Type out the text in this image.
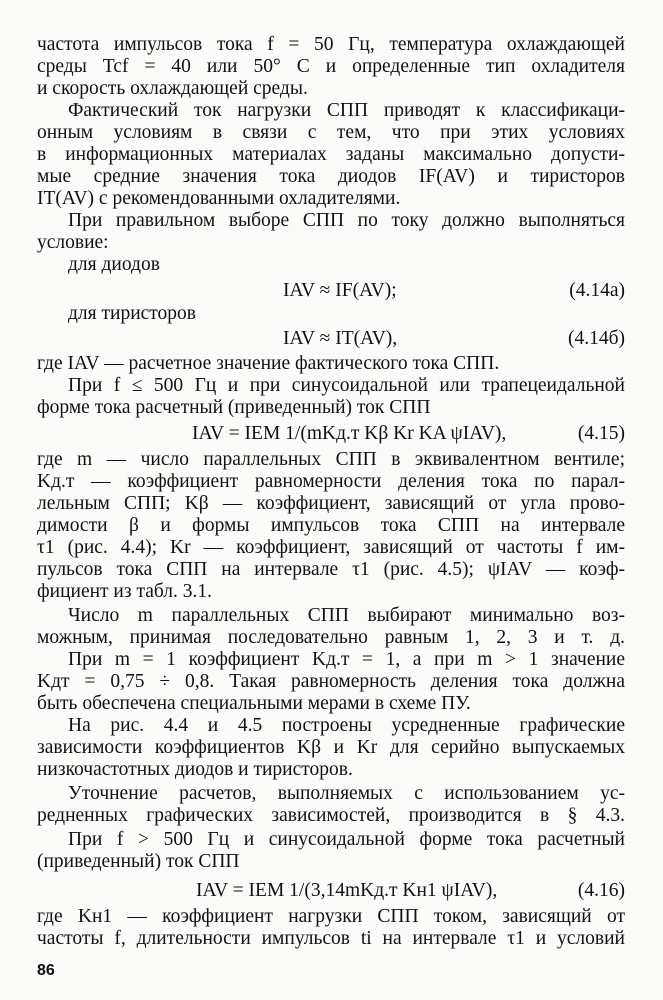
частота импульсов тока f = 50 Гц, температура охлаждающей
среды Tcf = 40 или 50° C и определенные тип охладителя
и скорость охлаждающей среды.
Фактический ток нагрузки СПП приводят к классификаци-
онным условиям в связи с тем, что при этих условиях
в информационных материалах заданы максимально допусти-
мые средние значения тока диодов IF(AV) и тиристоров
IT(AV) с рекомендованными охладителями.
При правильном выборе СПП по току должно выполняться
условие:
для диодов
IAV ≈ IF(AV);	(4.14а)
для тиристоров
IAV ≈ IT(AV),	(4.14б)
где IAV — расчетное значение фактического тока СПП.
При f ≤ 500 Гц и при синусоидальной или трапецеидальной
форме тока расчетный (приведенный) ток СПП
IAV = IEM 1/(mKд.т Kβ Kr KA ψIAV),	(4.15)
где m — число параллельных СПП в эквивалентном вентиле;
Kд.т — коэффициент равномерности деления тока по парал-
лельным СПП; Kβ — коэффициент, зависящий от угла прово-
димости β и формы импульсов тока СПП на интервале
τ1 (рис. 4.4); Kr — коэффициент, зависящий от частоты f им-
пульсов тока СПП на интервале τ1 (рис. 4.5); ψIAV — коэф-
фициент из табл. 3.1.
Число m параллельных СПП выбирают минимально воз-
можным, принимая последовательно равным 1, 2, 3 и т. д.
При m = 1 коэффициент Kд.т = 1, а при m > 1 значение
Kдт = 0,75 ÷ 0,8. Такая равномерность деления тока должна
быть обеспечена специальными мерами в схеме ПУ.
На рис. 4.4 и 4.5 построены усредненные графические
зависимости коэффициентов Kβ и Kr для серийно выпускаемых
низкочастотных диодов и тиристоров.
Уточнение расчетов, выполняемых с использованием ус-
редненных графических зависимостей, производится в § 4.3.
При f > 500 Гц и синусоидальной форме тока расчетный
(приведенный) ток СПП
IAV = IEM 1/(3,14mKд.т Kн1 ψIAV),	(4.16)
где Kн1 — коэффициент нагрузки СПП током, зависящий от
частоты f, длительности импульсов ti на интервале τ1 и условий
86
